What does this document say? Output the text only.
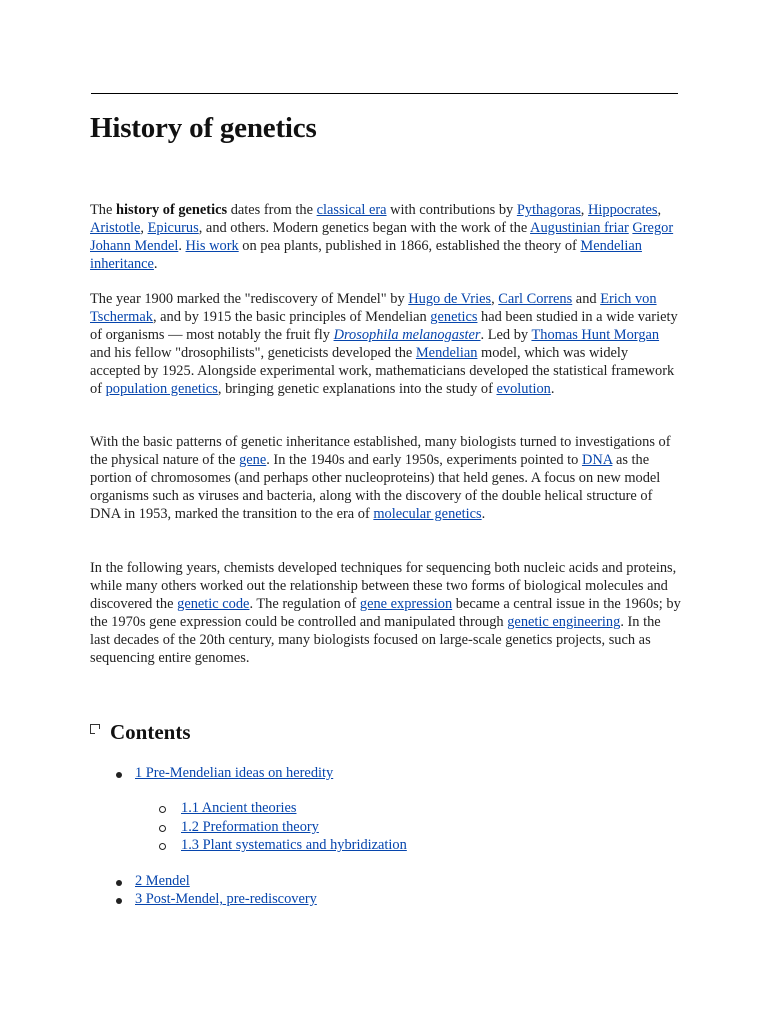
History of genetics

The history of genetics dates from the classical era with contributions by Pythagoras, Hippocrates, Aristotle, Epicurus, and others. Modern genetics began with the work of the Augustinian friar Gregor Johann Mendel. His work on pea plants, published in 1866, established the theory of Mendelian inheritance.

The year 1900 marked the "rediscovery of Mendel" by Hugo de Vries, Carl Correns and Erich von Tschermak, and by 1915 the basic principles of Mendelian genetics had been studied in a wide variety of organisms — most notably the fruit fly Drosophila melanogaster. Led by Thomas Hunt Morgan and his fellow "drosophilists", geneticists developed the Mendelian model, which was widely accepted by 1925. Alongside experimental work, mathematicians developed the statistical framework of population genetics, bringing genetic explanations into the study of evolution.

With the basic patterns of genetic inheritance established, many biologists turned to investigations of the physical nature of the gene. In the 1940s and early 1950s, experiments pointed to DNA as the portion of chromosomes (and perhaps other nucleoproteins) that held genes. A focus on new model organisms such as viruses and bacteria, along with the discovery of the double helical structure of DNA in 1953, marked the transition to the era of molecular genetics.

In the following years, chemists developed techniques for sequencing both nucleic acids and proteins, while many others worked out the relationship between these two forms of biological molecules and discovered the genetic code. The regulation of gene expression became a central issue in the 1960s; by the 1970s gene expression could be controlled and manipulated through genetic engineering. In the last decades of the 20th century, many biologists focused on large-scale genetics projects, such as sequencing entire genomes.

Contents
1 Pre-Mendelian ideas on heredity
1.1 Ancient theories
1.2 Preformation theory
1.3 Plant systematics and hybridization
2 Mendel
3 Post-Mendel, pre-rediscovery
